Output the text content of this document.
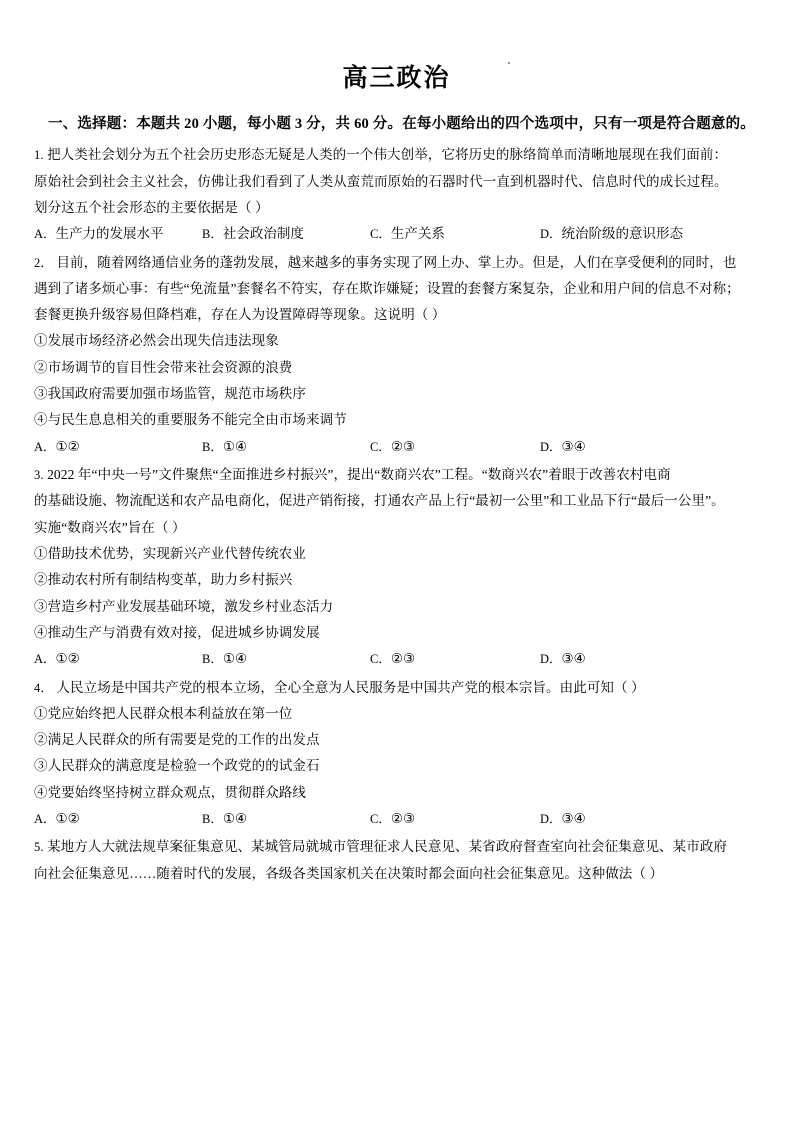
高三政治
一、选择题：本题共 20 小题，每小题 3 分，共 60 分。在每小题给出的四个选项中，只有一项是符合题意的。
1. 把人类社会划分为五个社会历史形态无疑是人类的一个伟大创举，它将历史的脉络简单而清晰地展现在我们面前：
原始社会到社会主义社会，仿佛让我们看到了人类从蛮荒而原始的石器时代一直到机器时代、信息时代的成长过程。
划分这五个社会形态的主要依据是（ ）
A．生产力的发展水平	B．社会政治制度	C．生产关系	D．统治阶级的意识形态
2． 目前，随着网络通信业务的蓬勃发展，越来越多的事务实现了网上办、掌上办。但是，人们在享受便利的同时，也
遇到了诸多烦心事：有些“免流量”套餐名不符实，存在欺诈嫌疑；设置的套餐方案复杂，企业和用户间的信息不对称；
套餐更换升级容易但降档难，存在人为设置障碍等现象。这说明（ ）
①发展市场经济必然会出现失信违法现象
②市场调节的盲目性会带来社会资源的浪费
③我国政府需要加强市场监管，规范市场秩序
④与民生息息相关的重要服务不能完全由市场来调节
A．①②	B．①④	C．②③	D．③④
3. 2022 年“中央一号”文件聚焦“全面推进乡村振兴”，提出“数商兴农”工程。“数商兴农”着眼于改善农村电商
的基础设施、物流配送和农产品电商化，促进产销衔接，打通农产品上行“最初一公里”和工业品下行“最后一公里”。
实施“数商兴农”旨在（ ）
①借助技术优势，实现新兴产业代替传统农业
②推动农村所有制结构变革，助力乡村振兴
③营造乡村产业发展基础环境，激发乡村业态活力
④推动生产与消费有效对接，促进城乡协调发展
A．①②	B．①④	C．②③	D．③④
4． 人民立场是中国共产党的根本立场，全心全意为人民服务是中国共产党的根本宗旨。由此可知（ ）
①党应始终把人民群众根本利益放在第一位
②满足人民群众的所有需要是党的工作的出发点
③人民群众的满意度是检验一个政党的的试金石
④党要始终坚持树立群众观点，贯彻群众路线
A．①②	B．①④	C．②③	D．③④
5. 某地方人大就法规草案征集意见、某城管局就城市管理征求人民意见、某省政府督查室向社会征集意见、某市政府
向社会征集意见……随着时代的发展，各级各类国家机关在决策时都会面向社会征集意见。这种做法（ ）
